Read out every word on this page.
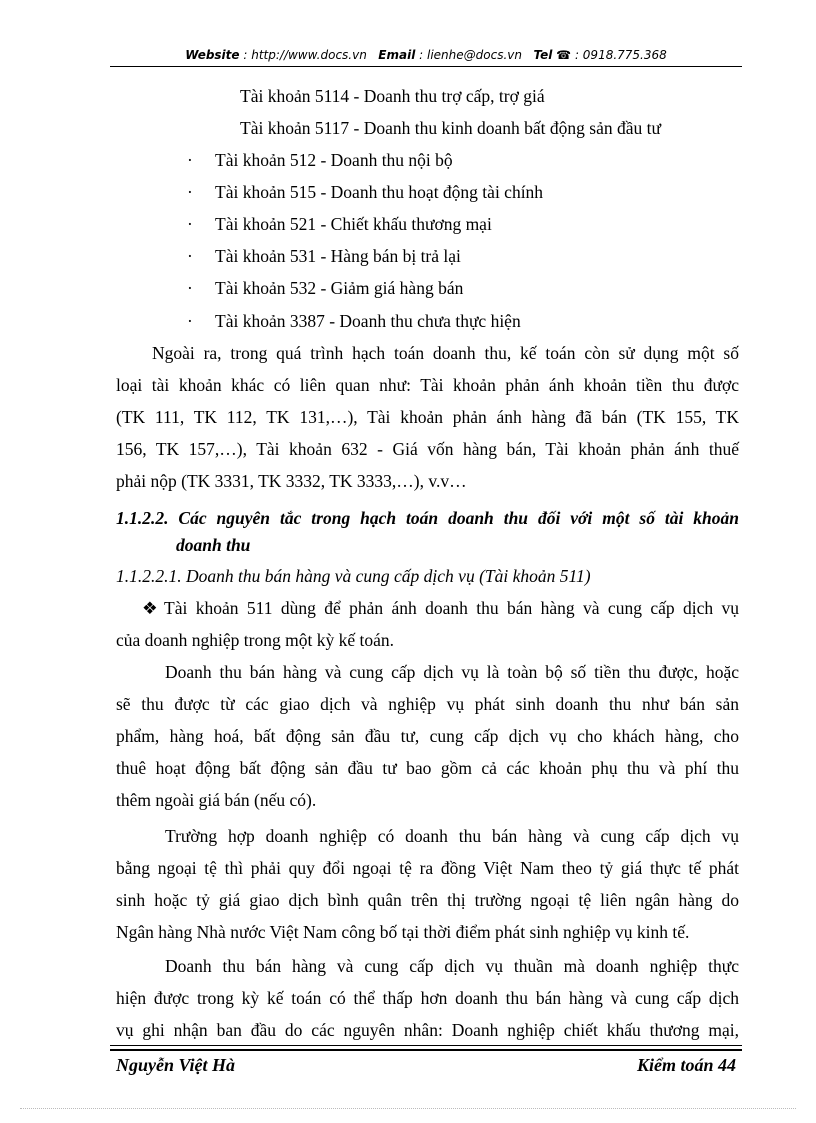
Website : http://www.docs.vn Email : lienhe@docs.vn Tel ☎ : 0918.775.368

Tài khoản 5114 - Doanh thu trợ cấp, trợ giá

Tài khoản 5117 - Doanh thu kinh doanh bất động sản đầu tư

· Tài khoản 512 - Doanh thu nội bộ

· Tài khoản 515 - Doanh thu hoạt động tài chính

· Tài khoản 521 - Chiết khấu thương mại

· Tài khoản 531 - Hàng bán bị trả lại

· Tài khoản 532 - Giảm giá hàng bán

· Tài khoản 3387 - Doanh thu chưa thực hiện

Ngoài ra, trong quá trình hạch toán doanh thu, kế toán còn sử dụng một số

loại tài khoản khác có liên quan như: Tài khoản phản ánh khoản tiền thu được

(TK 111, TK 112, TK 131,…), Tài khoản phản ánh hàng đã bán (TK 155, TK

156, TK 157,…), Tài khoản 632 - Giá vốn hàng bán, Tài khoản phản ánh thuế

phải nộp (TK 3331, TK 3332, TK 3333,…), v.v…

1.1.2.2. Các nguyên tắc trong hạch toán doanh thu đối với một số tài khoản

doanh thu

1.1.2.2.1. Doanh thu bán hàng và cung cấp dịch vụ (Tài khoản 511)

❖ Tài khoản 511 dùng để phản ánh doanh thu bán hàng và cung cấp dịch vụ

của doanh nghiệp trong một kỳ kế toán.

Doanh thu bán hàng và cung cấp dịch vụ là toàn bộ số tiền thu được, hoặc

sẽ thu được từ các giao dịch và nghiệp vụ phát sinh doanh thu như bán sản

phẩm, hàng hoá, bất động sản đầu tư, cung cấp dịch vụ cho khách hàng, cho

thuê hoạt động bất động sản đầu tư bao gồm cả các khoản phụ thu và phí thu

thêm ngoài giá bán (nếu có).

Trường hợp doanh nghiệp có doanh thu bán hàng và cung cấp dịch vụ

bằng ngoại tệ thì phải quy đổi ngoại tệ ra đồng Việt Nam theo tỷ giá thực tế phát

sinh hoặc tỷ giá giao dịch bình quân trên thị trường ngoại tệ liên ngân hàng do

Ngân hàng Nhà nước Việt Nam công bố tại thời điểm phát sinh nghiệp vụ kinh tế.

Doanh thu bán hàng và cung cấp dịch vụ thuần mà doanh nghiệp thực

hiện được trong kỳ kế toán có thể thấp hơn doanh thu bán hàng và cung cấp dịch

vụ ghi nhận ban đầu do các nguyên nhân: Doanh nghiệp chiết khấu thương mại,

Nguyễn Việt Hà	Kiểm toán 44
